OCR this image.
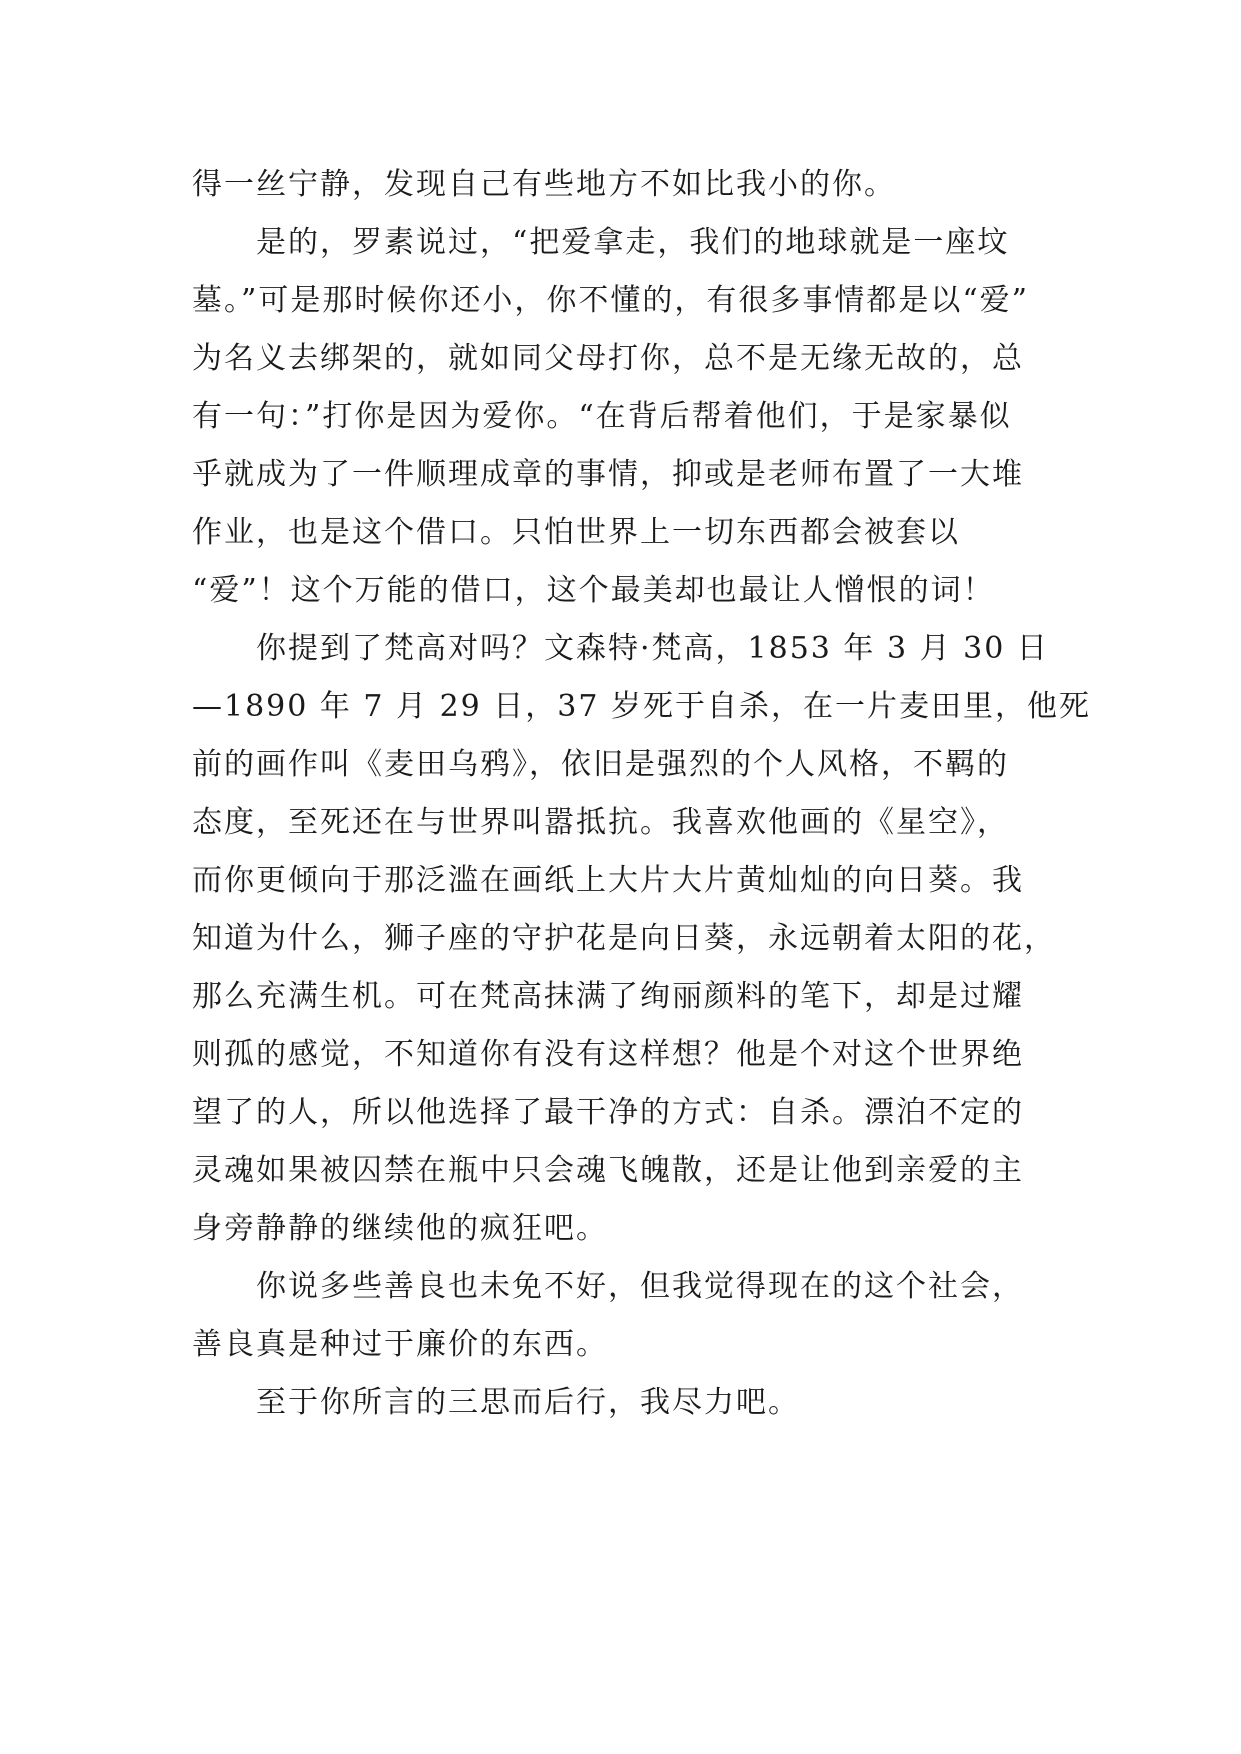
得一丝宁静，发现自己有些地方不如比我小的你。
是的，罗素说过，“把爱拿走，我们的地球就是一座坟
墓。”可是那时候你还小，你不懂的，有很多事情都是以“爱”
为名义去绑架的，就如同父母打你，总不是无缘无故的，总
有一句：”打你是因为爱你。“在背后帮着他们，于是家暴似
乎就成为了一件顺理成章的事情，抑或是老师布置了一大堆
作业，也是这个借口。只怕世界上一切东西都会被套以
“爱”！这个万能的借口，这个最美却也最让人憎恨的词！
你提到了梵高对吗？文森特·梵高，1853 年 3 月 30 日
—1890 年 7 月 29 日，37 岁死于自杀，在一片麦田里，他死
前的画作叫《麦田乌鸦》，依旧是强烈的个人风格，不羁的
态度，至死还在与世界叫嚣抵抗。我喜欢他画的《星空》，
而你更倾向于那泛滥在画纸上大片大片黄灿灿的向日葵。我
知道为什么，狮子座的守护花是向日葵，永远朝着太阳的花，
那么充满生机。可在梵高抹满了绚丽颜料的笔下，却是过耀
则孤的感觉，不知道你有没有这样想？他是个对这个世界绝
望了的人，所以他选择了最干净的方式：自杀。漂泊不定的
灵魂如果被囚禁在瓶中只会魂飞魄散，还是让他到亲爱的主
身旁静静的继续他的疯狂吧。
你说多些善良也未免不好，但我觉得现在的这个社会，
善良真是种过于廉价的东西。
至于你所言的三思而后行，我尽力吧。
